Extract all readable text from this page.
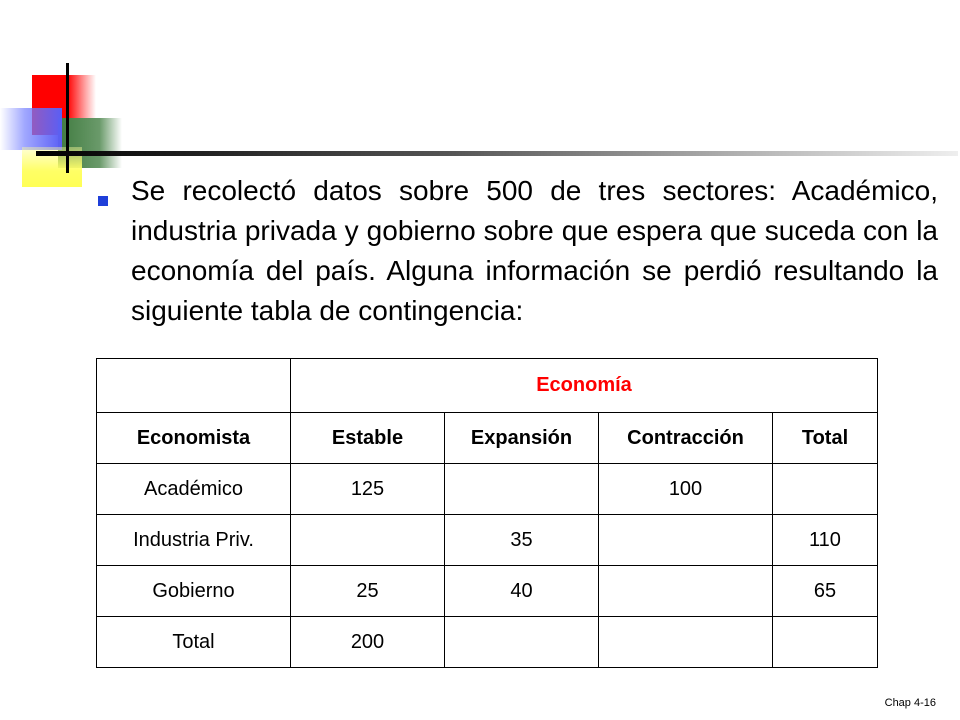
Se recolectó datos sobre 500 de tres sectores: Académico, industria privada y gobierno sobre que espera que suceda con la economía del país. Alguna información se perdió resultando la siguiente tabla de contingencia:

	Economía			
Economista	Estable	Expansión	Contracción	Total
Académico	125		100	
Industria Priv.		35		110
Gobierno	25	40		65
Total	200			
Chap 4-16
